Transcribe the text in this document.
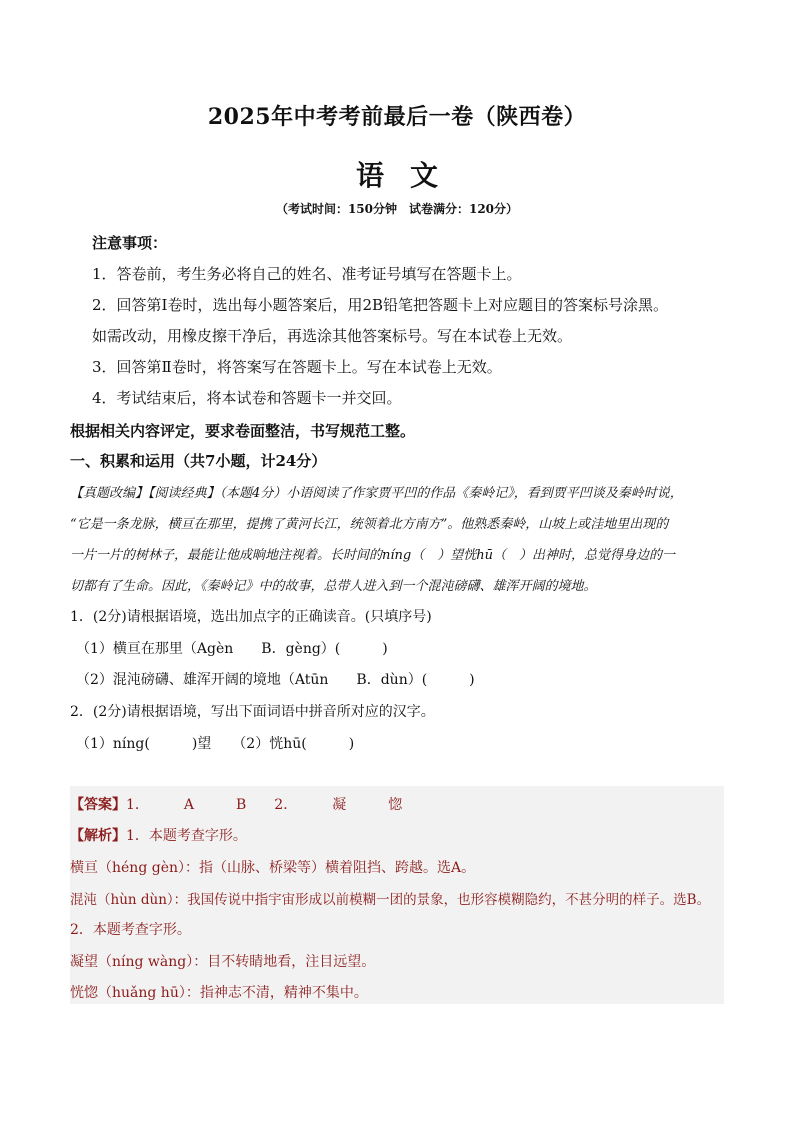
2025年中考考前最后一卷（陕西卷）
语文
（考试时间：150分钟　试卷满分：120分）
注意事项：
1．答卷前，考生务必将自己的姓名、准考证号填写在答题卡上。
2．回答第Ⅰ卷时，选出每小题答案后，用2B铅笔把答题卡上对应题目的答案标号涂黑。
如需改动，用橡皮擦干净后，再选涂其他答案标号。写在本试卷上无效。
3．回答第Ⅱ卷时，将答案写在答题卡上。写在本试卷上无效。
4．考试结束后，将本试卷和答题卡一并交回。
根据相关内容评定，要求卷面整洁，书写规范工整。
一、积累和运用（共7小题，计24分）
【真题改编】【阅读经典】（本题4分）小语阅读了作家贾平凹的作品《秦岭记》，看到贾平凹谈及秦岭时说，
“它是一条龙脉，横亘在那里，提携了黄河长江，统领着北方南方”。他熟悉秦岭，山坡上或洼地里出现的
一片一片的树林子，最能让他成晌地注视着。长时间的níng（　）望恍hū（　）出神时，总觉得身边的一
切都有了生命。因此，《秦岭记》中的故事，总带人进入到一个混沌磅礴、雄浑开阔的境地。
1．(2分)请根据语境，选出加点字的正确读音。(只填序号)
（1）横亘在那里（Agèn　　B．gèng）(　　　)
（2）混沌磅礴、雄浑开阔的境地（Atūn　　B．dùn）(　　　)
2．(2分)请根据语境，写出下面词语中拼音所对应的汉字。
（1）níng(　　　)望　　（2）恍hū(　　　)
【答案】1．　　　A　　　B　　2．　　　凝　　　惚
【解析】1．本题考查字形。
横亘（héng gèn）：指（山脉、桥梁等）横着阻挡、跨越。选A。
混沌（hùn dùn）：我国传说中指宇宙形成以前模糊一团的景象，也形容模糊隐约，不甚分明的样子。选B。
2．本题考查字形。
凝望（níng wàng）：目不转睛地看，注目远望。
恍惚（huǎng hū）：指神志不清，精神不集中。
